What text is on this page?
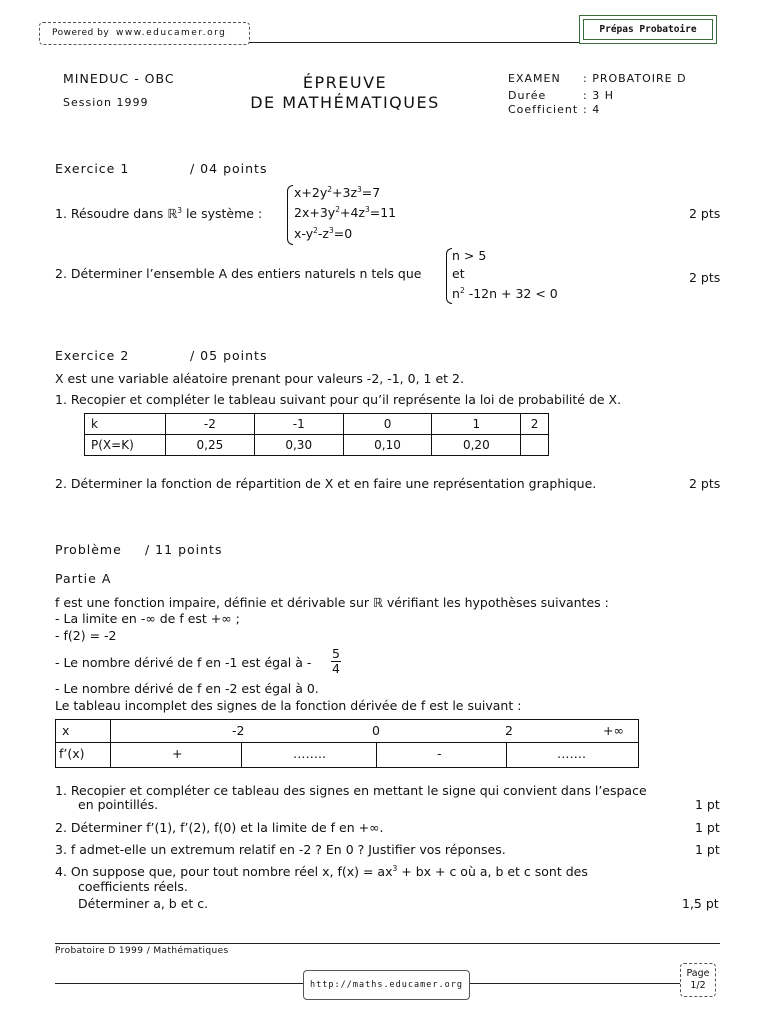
Powered by www.educamer.org	Prépas Probatoire
MINEDUC - OBC
Session 1999
ÉPREUVE
DE MATHÉMATIQUES
EXAMEN : PROBATOIRE D
Durée	: 3 H
Coefficient : 4
Exercice 1	/ 04 points
1. Résoudre dans ℝ$^3$ le système :
$x+2y^2+3z^3=7$
$2x+3y^2+4z^3=11$
$x-y^2-z^3=0$
2 pts
2. Déterminer l’ensemble A des entiers naturels n tels que
n > 5
et
$n^2$ -12n + 32 < 0
2 pts
Exercice 2	/ 05 points
X est une variable aléatoire prenant pour valeurs -2, -1, 0, 1 et 2.
1. Recopier et compléter le tableau suivant pour qu’il représente la loi de probabilité de X.
k	-2	-1	0	1	2
P(X=K)	0,25	0,30	0,10	0,20	
2. Déterminer la fonction de répartition de X et en faire une représentation graphique.	2 pts
Problème / 11 points
Partie A
f est une fonction impaire, définie et dérivable sur ℝ vérifiant les hypothèses suivantes :
- La limite en -∞ de f est +∞ ;
- f(2) = -2
- Le nombre dérivé de f en -1 est égal à - $\frac{5}{4}$
- Le nombre dérivé de f en -2 est égal à 0.
Le tableau incomplet des signes de la fonction dérivée de f est le suivant :
x	-2	0	2	+∞
f’(x)	+	……..	-	…….
1. Recopier et compléter ce tableau des signes en mettant le signe qui convient dans l’espace
en pointillés.	1 pt
2. Déterminer f’(1), f’(2), f(0) et la limite de f en +∞.	1 pt
3. f admet-elle un extremum relatif en -2 ? En 0 ? Justifier vos réponses.	1 pt
4. On suppose que, pour tout nombre réel x, $f(x) = ax^3$ + bx + c où a, b et c sont des
coefficients réels.
Déterminer a, b et c.	1,5 pt
Probatoire D 1999 / Mathématiques
http://maths.educamer.org
Page
1/2
